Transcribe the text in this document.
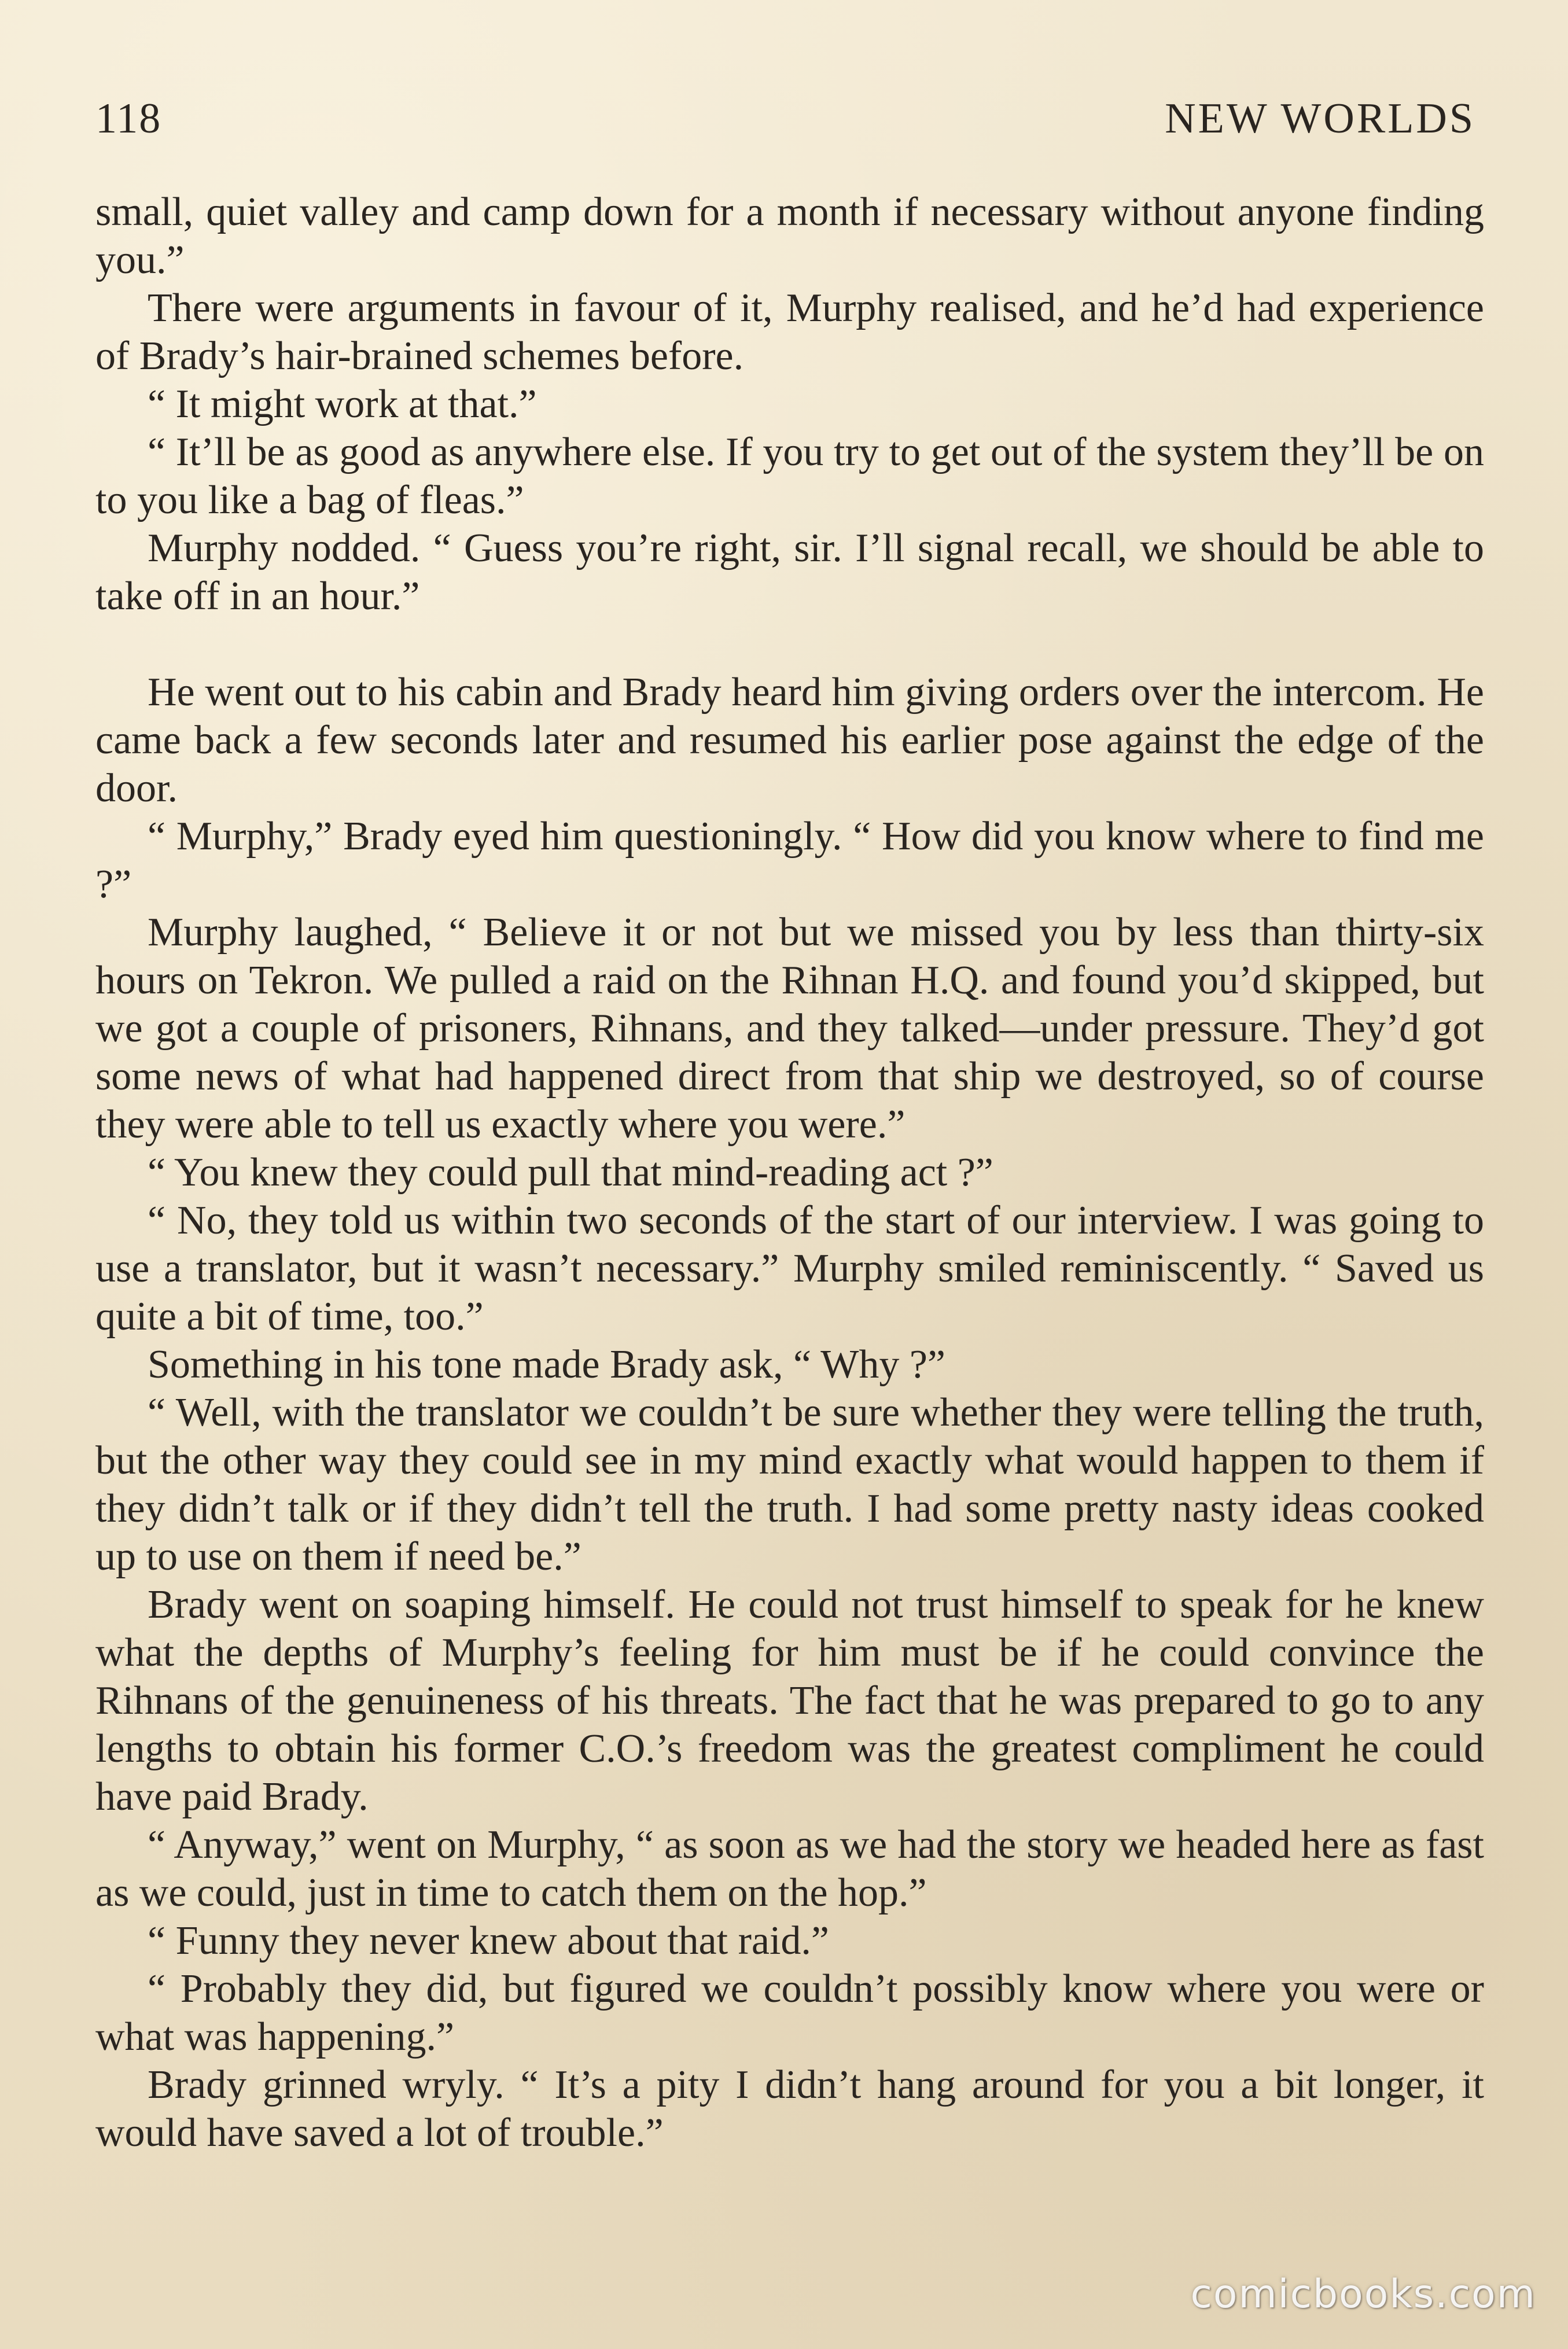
118	NEW WORLDS

small, quiet valley and camp down for a month if necessary without anyone finding you.”

There were arguments in favour of it, Murphy realised, and he’d had experience of Brady’s hair-brained schemes before.

“ It might work at that.”

“ It’ll be as good as anywhere else. If you try to get out of the system they’ll be on to you like a bag of fleas.”

Murphy nodded. “ Guess you’re right, sir. I’ll signal recall, we should be able to take off in an hour.”

He went out to his cabin and Brady heard him giving orders over the intercom. He came back a few seconds later and resumed his earlier pose against the edge of the door.

“ Murphy,” Brady eyed him questioningly. “ How did you know where to find me ?”

Murphy laughed, “ Believe it or not but we missed you by less than thirty-six hours on Tekron. We pulled a raid on the Rihnan H.Q. and found you’d skipped, but we got a couple of prisoners, Rihnans, and they talked—under pressure. They’d got some news of what had happened direct from that ship we destroyed, so of course they were able to tell us exactly where you were.”

“ You knew they could pull that mind-reading act ?”

“ No, they told us within two seconds of the start of our interview. I was going to use a translator, but it wasn’t necessary.” Murphy smiled reminiscently. “ Saved us quite a bit of time, too.”

Something in his tone made Brady ask, “ Why ?”

“ Well, with the translator we couldn’t be sure whether they were telling the truth, but the other way they could see in my mind exactly what would happen to them if they didn’t talk or if they didn’t tell the truth. I had some pretty nasty ideas cooked up to use on them if need be.”

Brady went on soaping himself. He could not trust himself to speak for he knew what the depths of Murphy’s feeling for him must be if he could convince the Rihnans of the genuineness of his threats. The fact that he was prepared to go to any lengths to obtain his former C.O.’s freedom was the greatest compliment he could have paid Brady.

“ Anyway,” went on Murphy, “ as soon as we had the story we headed here as fast as we could, just in time to catch them on the hop.”

“ Funny they never knew about that raid.”

“ Probably they did, but figured we couldn’t possibly know where you were or what was happening.”

Brady grinned wryly. “ It’s a pity I didn’t hang around for you a bit longer, it would have saved a lot of trouble.”

comicbooks.com
